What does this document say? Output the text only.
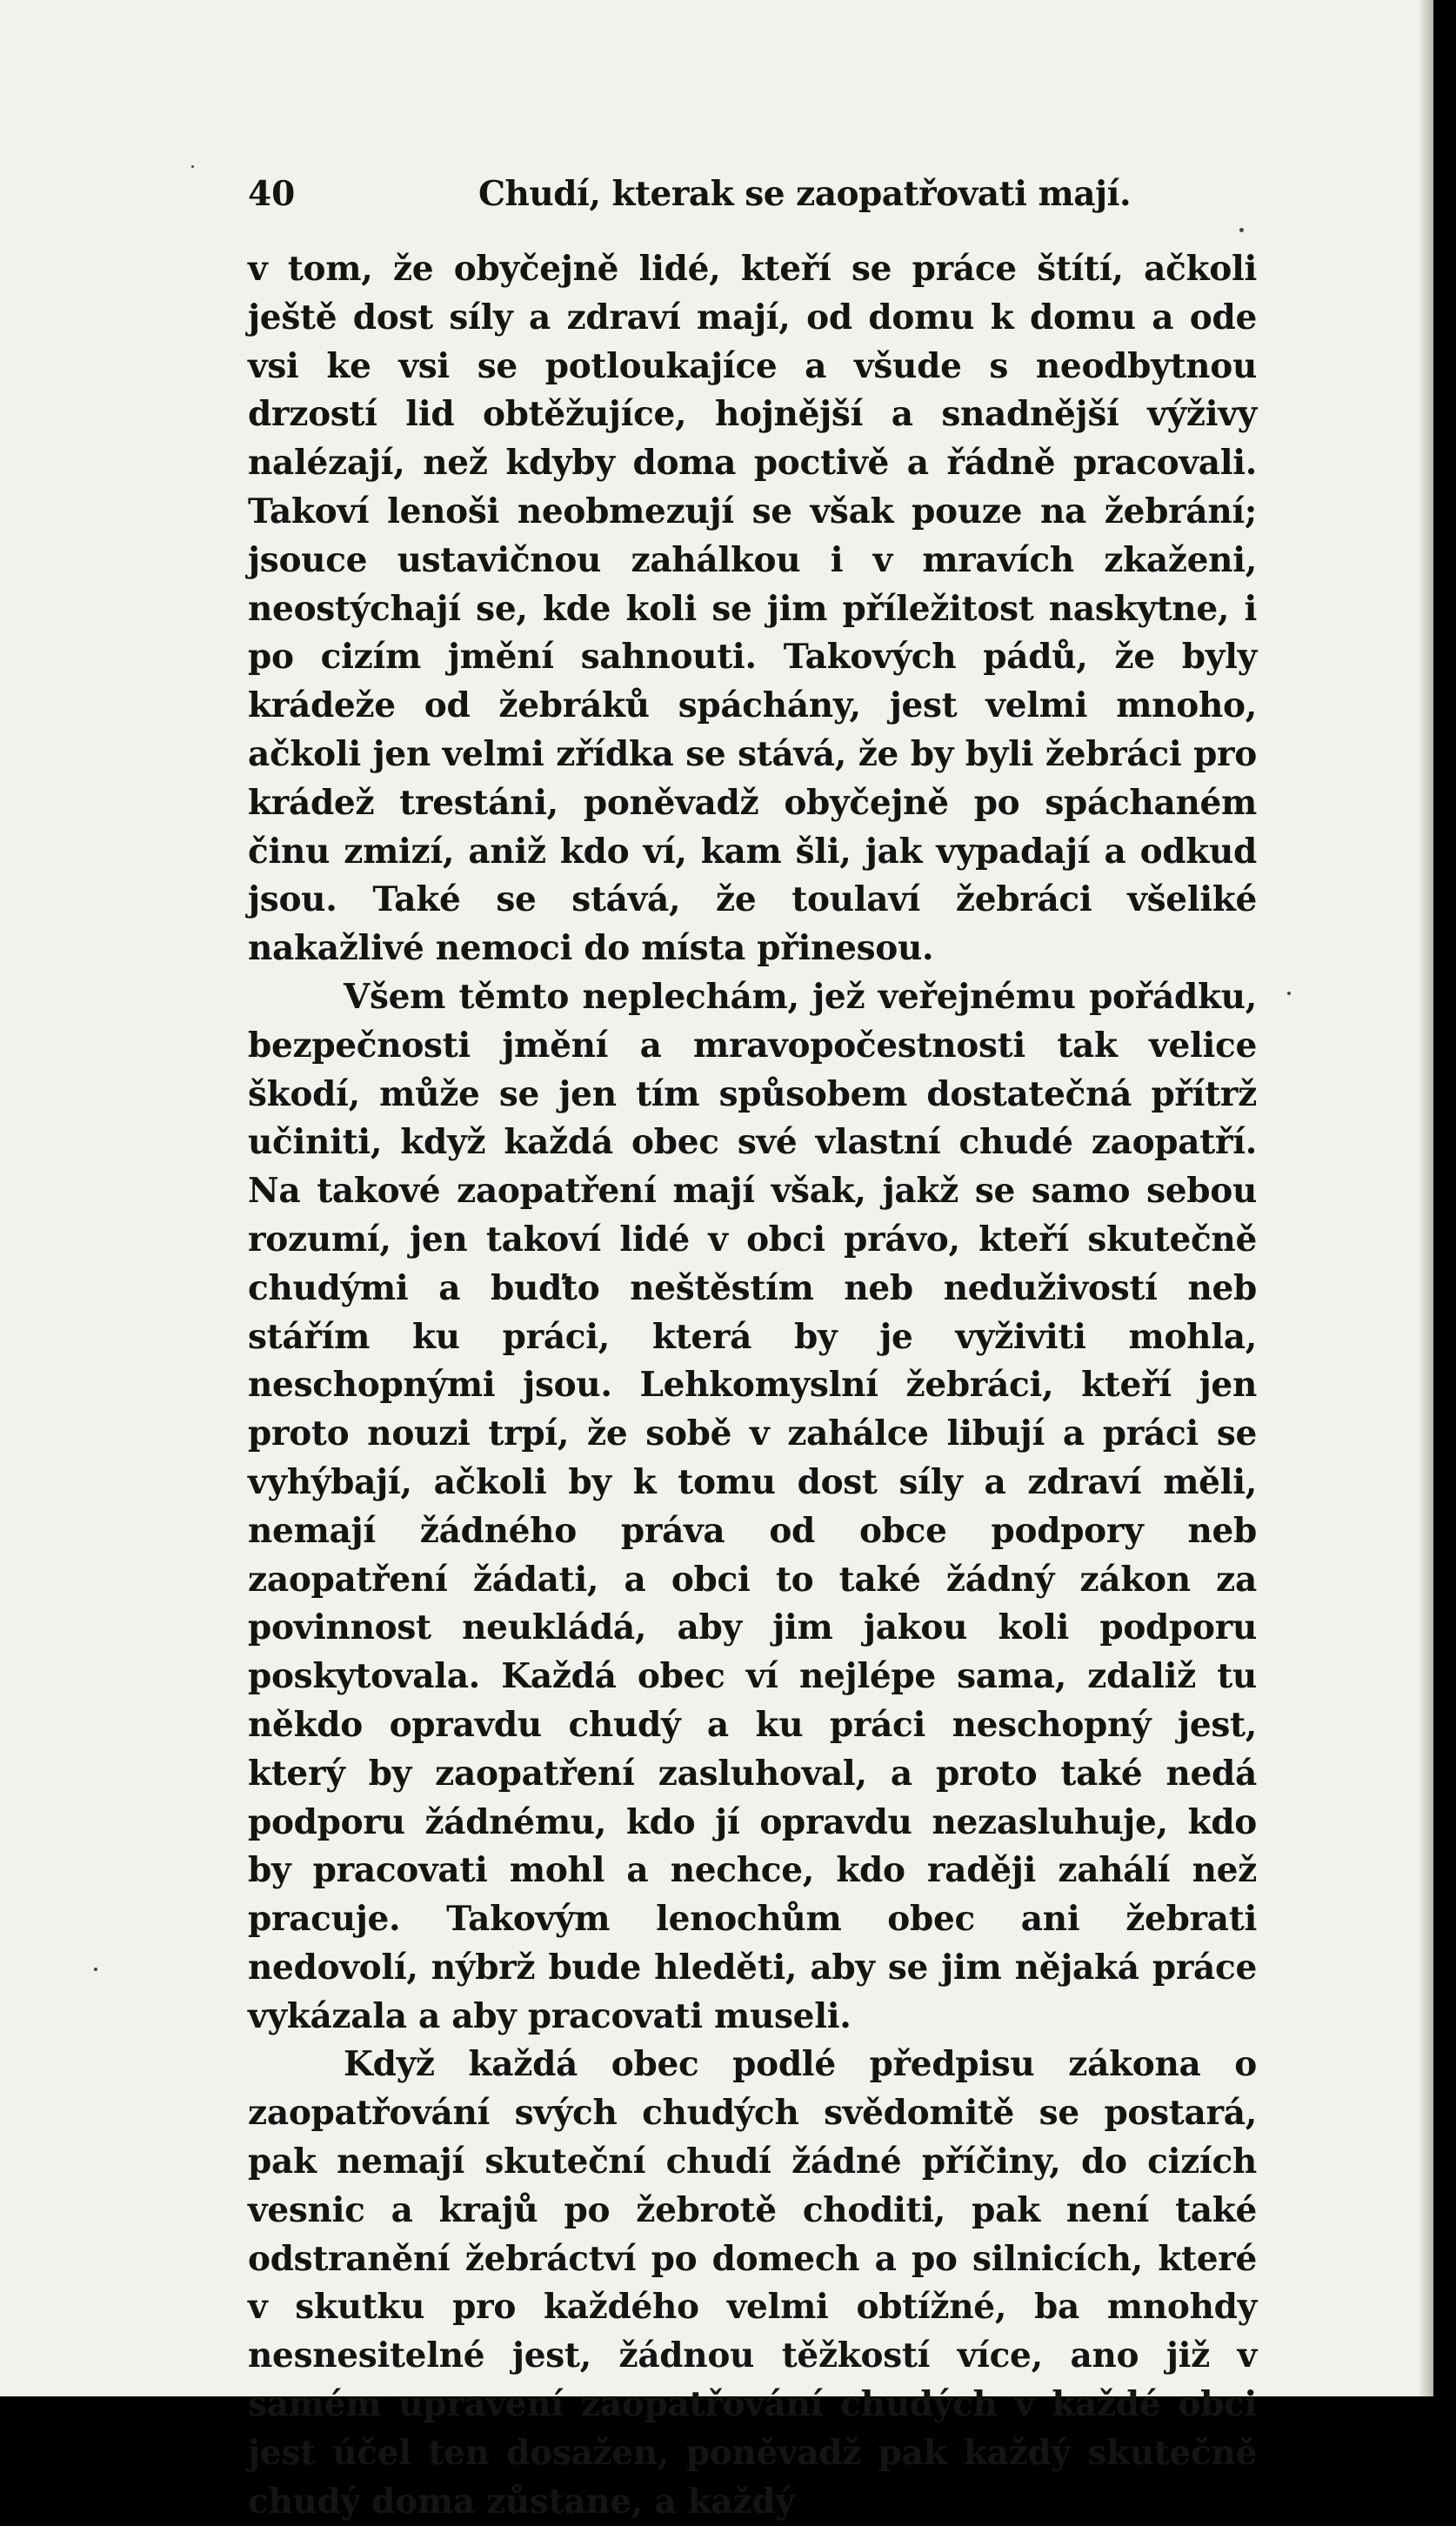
40	Chudí, kterak se zaopatřovati mají.

v tom, že obyčejně lidé, kteří se práce štítí, ačkoli ještě dost síly a zdraví mají, od domu k domu a ode vsi ke vsi se potloukajíce a všude s neodbytnou drzostí lid obtěžujíce, hojnější a snadnější výživy nalézají, než kdyby doma poctivě a řádně pracovali. Takoví lenoši neobmezují se však pouze na žebrání; jsouce ustavičnou zahálkou i v mravích zkaženi, neostýchají se, kde koli se jim příležitost naskytne, i po cizím jmění sahnouti. Takových pádů, že byly krádeže od žebráků spáchány, jest velmi mnoho, ačkoli jen velmi zřídka se stává, že by byli žebráci pro krádež trestáni, poněvadž obyčejně po spáchaném činu zmizí, aniž kdo ví, kam šli, jak vypadají a odkud jsou. Také se stává, že toulaví žebráci všeliké nakažlivé nemoci do místa přinesou.

Všem těmto neplechám, jež veřejnému pořádku, bezpečnosti jmění a mravopočestnosti tak velice škodí, může se jen tím spůsobem dostatečná přítrž učiniti, když každá obec své vlastní chudé zaopatří. Na takové zaopatření mají však, jakž se samo sebou rozumí, jen takoví lidé v obci právo, kteří skutečně chudými a buďto neštěstím neb neduživostí neb stářím ku práci, která by je vyživiti mohla, neschopnými jsou. Lehkomyslní žebráci, kteří jen proto nouzi trpí, že sobě v zahálce libují a práci se vyhýbají, ačkoli by k tomu dost síly a zdraví měli, nemají žádného práva od obce podpory neb zaopatření žádati, a obci to také žádný zákon za povinnost neukládá, aby jim jakou koli podporu poskytovala. Každá obec ví nejlépe sama, zdaliž tu někdo opravdu chudý a ku práci neschopný jest, který by zaopatření zasluhoval, a proto také nedá podporu žádnému, kdo jí opravdu nezasluhuje, kdo by pracovati mohl a nechce, kdo raději zahálí než pracuje. Takovým lenochům obec ani žebrati nedovolí, nýbrž bude hleděti, aby se jim nějaká práce vykázala a aby pracovati museli.

Když každá obec podlé předpisu zákona o zaopatřování svých chudých svědomitě se postará, pak nemají skuteční chudí žádné příčiny, do cizích vesnic a krajů po žebrotě choditi, pak není také odstranění žebráctví po domech a po silnicích, které v skutku pro každého velmi obtížné, ba mnohdy nesnesitelné jest, žádnou těžkostí více, ano již v samém upravení zaopatřování chudých v každé obci jest účel ten dosažen, poněvadž pak každý skutečně chudý doma zůstane, a každý
